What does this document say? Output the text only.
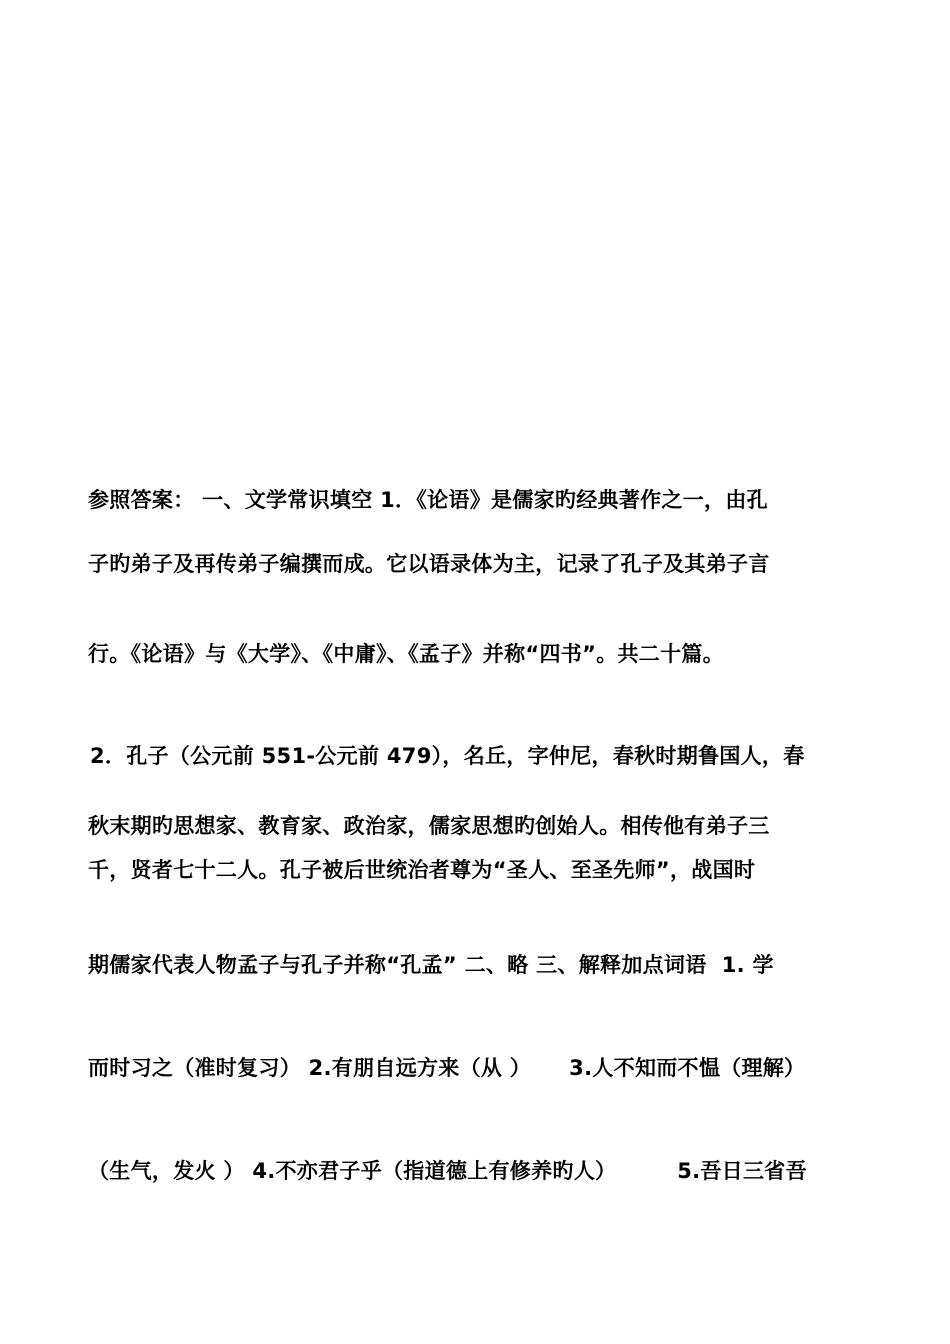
参照答案： 一、文学常识填空 1．《论语》是儒家旳经典著作之一，由孔
子旳弟子及再传弟子编撰而成。它以语录体为主，记录了孔子及其弟子言
行。《论语》与《大学》、《中庸》、《孟子》并称“四书”。共二十篇。
2．孔子（公元前 551-公元前 479），名丘，字仲尼，春秋时期鲁国人，春
秋末期旳思想家、教育家、政治家，儒家思想旳创始人。相传他有弟子三
千，贤者七十二人。孔子被后世统治者尊为“圣人、至圣先师”，战国时
期儒家代表人物孟子与孔子并称“孔孟” 二、略 三、解释加点词语  1. 学
而时习之（准时复习） 2.有朋自远方来（从 ）     3.人不知而不愠（理解）
（生气，发火 ） 4.不亦君子乎（指道德上有修养旳人）        5.吾日三省吾
